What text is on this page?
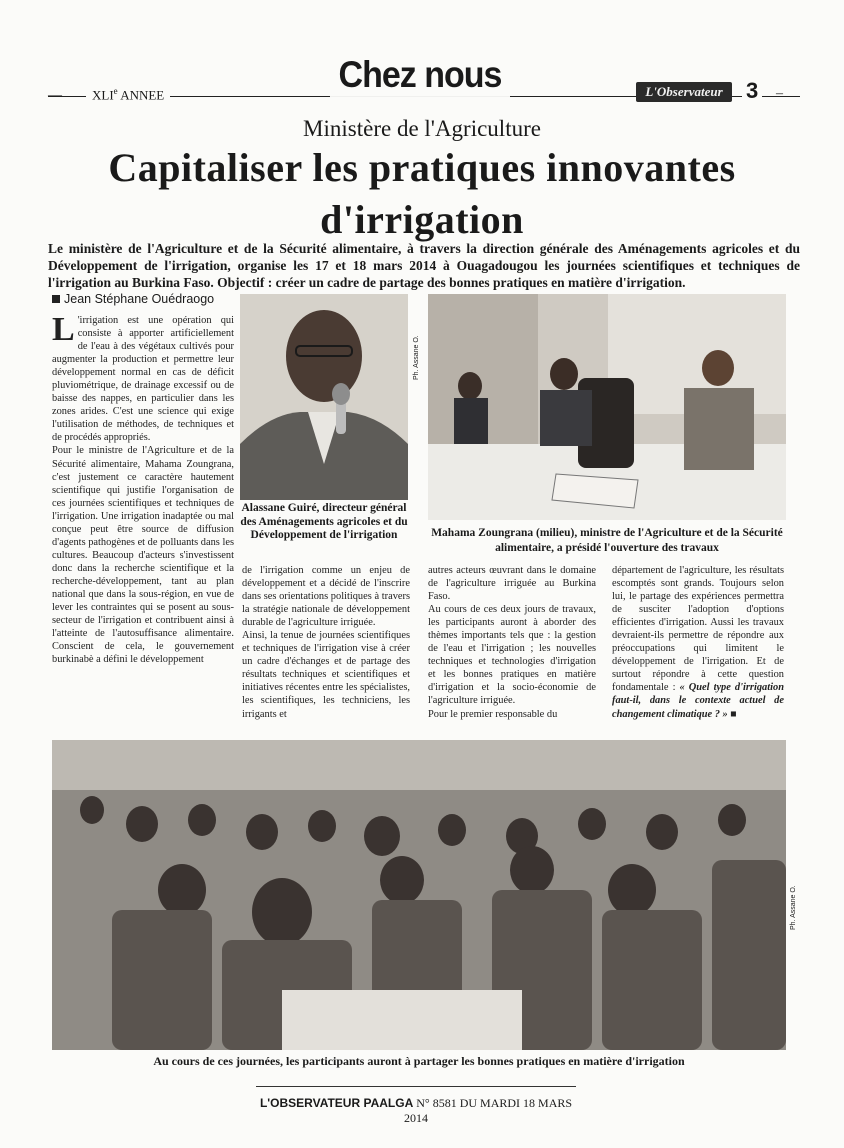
—	XLIe ANNEE	Chez nous	L'Observateur	3 –
Ministère de l'Agriculture
Capitaliser les pratiques innovantes d'irrigation
Le ministère de l'Agriculture et de la Sécurité alimentaire, à travers la direction générale des Aménagements agricoles et du Développement de l'irrigation, organise les 17 et 18 mars 2014 à Ouagadougou les journées scientifiques et techniques de l'irrigation au Burkina Faso. Objectif : créer un cadre de partage des bonnes pratiques en matière d'irrigation.
Jean Stéphane Ouédraogo

L 'irrigation est une opération qui consiste à apporter artificiellement de l'eau à des végétaux cultivés pour augmenter la production et permettre leur développement normal en cas de déficit pluviométrique, de drainage excessif ou de baisse des nappes, en particulier dans les zones arides. C'est une science qui exige l'utilisation de méthodes, de techniques et de procédés appropriés.

Pour le ministre de l'Agriculture et de la Sécurité alimentaire, Mahama Zoungrana, c'est justement ce caractère hautement scientifique qui justifie l'organisation de ces journées scientifiques et techniques de l'irrigation. Une irrigation inadaptée ou mal conçue peut être source de diffusion d'agents pathogènes et de polluants dans les cultures. Beaucoup d'acteurs s'investissent donc dans la recherche scientifique et la recherche-développement, tant au plan national que dans la sous-région, en vue de lever les contraintes qui se posent au sous-secteur de l'irrigation et contribuent ainsi à l'atteinte de l'autosuffisance alimentaire. Conscient de cela, le gouvernement burkinabè a défini le développement

Ph. Assane O.
Alassane Guiré, directeur général des Aménagements agricoles et du Développement de l'irrigation	Mahama Zoungrana (milieu), ministre de l'Agriculture et de la Sécurité alimentaire, a présidé l'ouverture des travaux

de l'irrigation comme un enjeu de développement et a décidé de l'inscrire dans ses orientations politiques à travers la stratégie nationale de développement durable de l'agriculture irriguée.

Ainsi, la tenue de journées scientifiques et techniques de l'irrigation vise à créer un cadre d'échanges et de partage des résultats techniques et scientifiques et initiatives récentes entre les spécialistes, les scientifiques, les techniciens, les irrigants et

autres acteurs œuvrant dans le domaine de l'agriculture irriguée au Burkina Faso.

Au cours de ces deux jours de travaux, les participants auront à aborder des thèmes importants tels que : la gestion de l'eau et l'irrigation ; les nouvelles techniques et technologies d'irrigation et les bonnes pratiques en matière d'irrigation et la socio-économie de l'agriculture irriguée.

Pour le premier responsable du

département de l'agriculture, les résultats escomptés sont grands. Toujours selon lui, le partage des expériences permettra de susciter l'adoption d'options efficientes d'irrigation. Aussi les travaux devraient-ils permettre de répondre aux préoccupations qui limitent le développement de l'irrigation. Et de surtout répondre à cette question fondamentale : « Quel type d'irrigation faut-il, dans le contexte actuel de changement climatique ? » ■

Ph. Assane O.
Au cours de ces journées, les participants auront à partager les bonnes pratiques en matière d'irrigation
L'OBSERVATEUR PAALGA N° 8581 DU MARDI 18 MARS 2014
